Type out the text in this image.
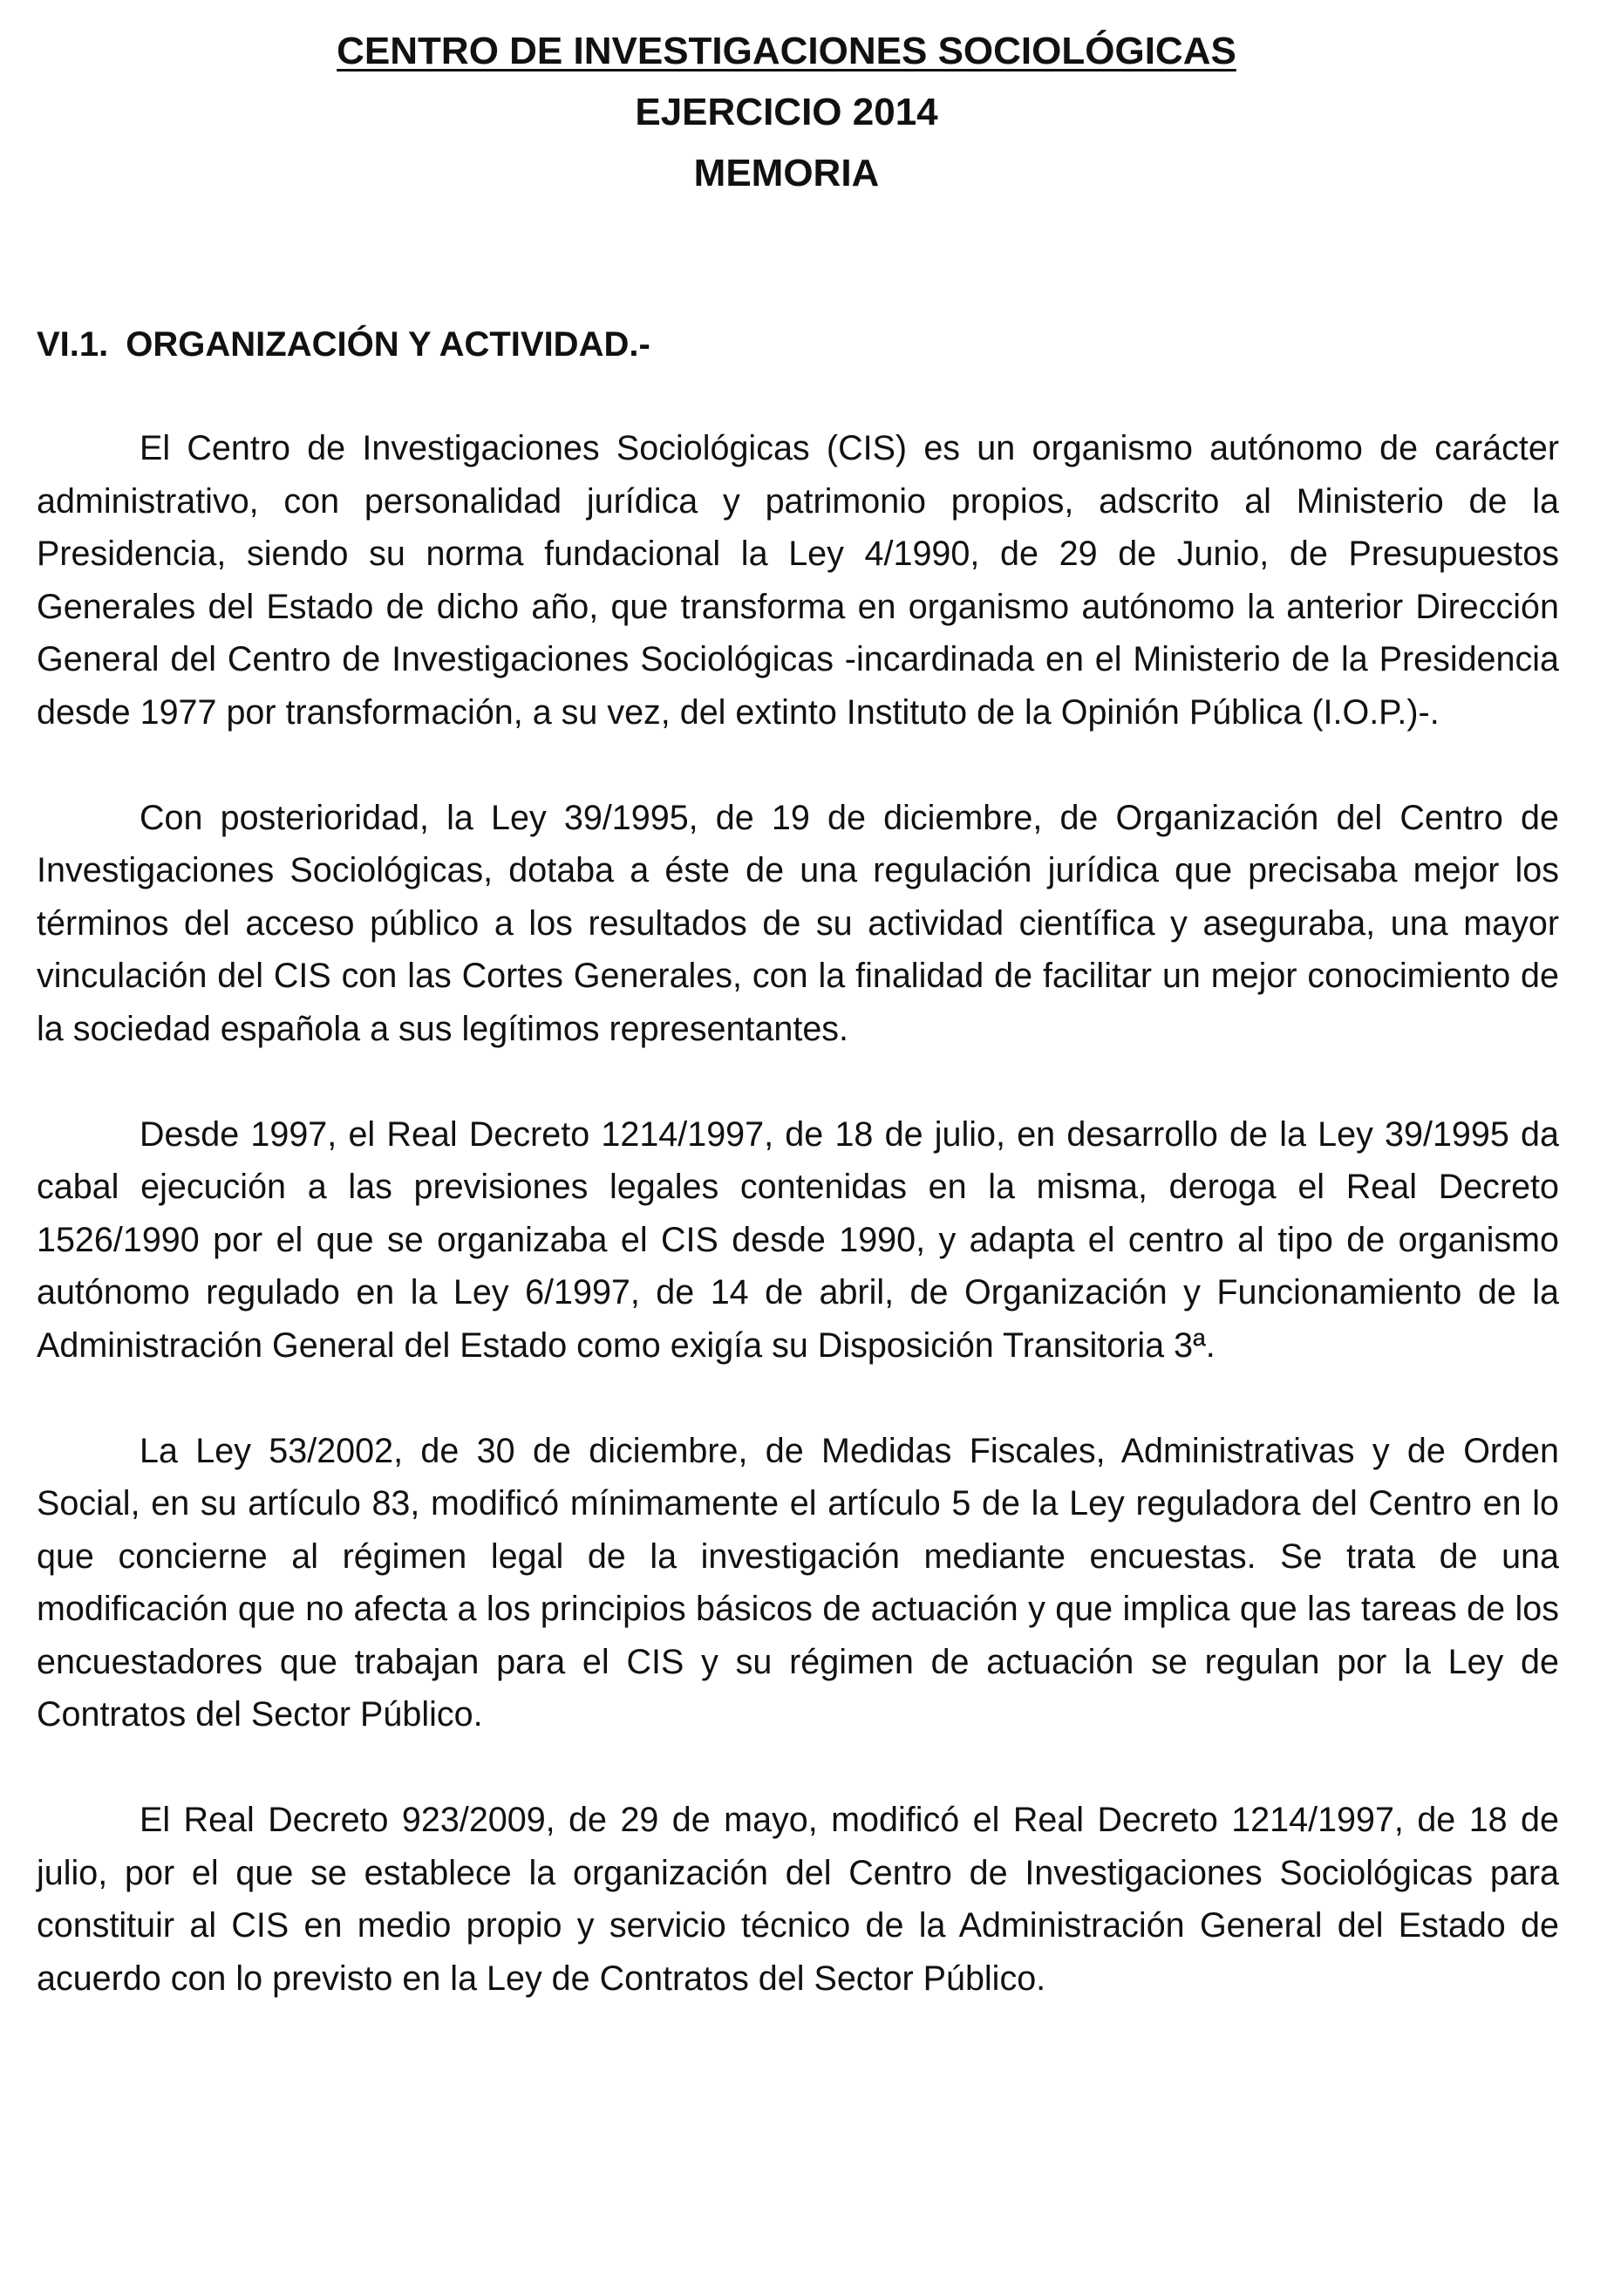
CENTRO DE INVESTIGACIONES SOCIOLÓGICAS
EJERCICIO 2014
MEMORIA
VI.1. ORGANIZACIÓN Y ACTIVIDAD.-

El Centro de Investigaciones Sociológicas (CIS) es un organismo autónomo de carácter administrativo, con personalidad jurídica y patrimonio propios, adscrito al Ministerio de la Presidencia, siendo su norma fundacional la Ley 4/1990, de 29 de Junio, de Presupuestos Generales del Estado de dicho año, que transforma en organismo autónomo la anterior Dirección General del Centro de Investigaciones Sociológicas -incardinada en el Ministerio de la Presidencia desde 1977 por transformación, a su vez, del extinto Instituto de la Opinión Pública (I.O.P.)-.

Con posterioridad, la Ley 39/1995, de 19 de diciembre, de Organización del Centro de Investigaciones Sociológicas, dotaba a éste de una regulación jurídica que precisaba mejor los términos del acceso público a los resultados de su actividad científica y aseguraba, una mayor vinculación del CIS con las Cortes Generales, con la finalidad de facilitar un mejor conocimiento de la sociedad española a sus legítimos representantes.

Desde 1997, el Real Decreto 1214/1997, de 18 de julio, en desarrollo de la Ley 39/1995 da cabal ejecución a las previsiones legales contenidas en la misma, deroga el Real Decreto 1526/1990 por el que se organizaba el CIS desde 1990, y adapta el centro al tipo de organismo autónomo regulado en la Ley 6/1997, de 14 de abril, de Organización y Funcionamiento de la Administración General del Estado como exigía su Disposición Transitoria 3ª.

La Ley 53/2002, de 30 de diciembre, de Medidas Fiscales, Administrativas y de Orden Social, en su artículo 83, modificó mínimamente el artículo 5 de la Ley reguladora del Centro en lo que concierne al régimen legal de la investigación mediante encuestas. Se trata de una modificación que no afecta a los principios básicos de actuación y que implica que las tareas de los encuestadores que trabajan para el CIS y su régimen de actuación se regulan por la Ley de Contratos del Sector Público.

El Real Decreto 923/2009, de 29 de mayo, modificó el Real Decreto 1214/1997, de 18 de julio, por el que se establece la organización del Centro de Investigaciones Sociológicas para constituir al CIS en medio propio y servicio técnico de la Administración General del Estado de acuerdo con lo previsto en la Ley de Contratos del Sector Público.
